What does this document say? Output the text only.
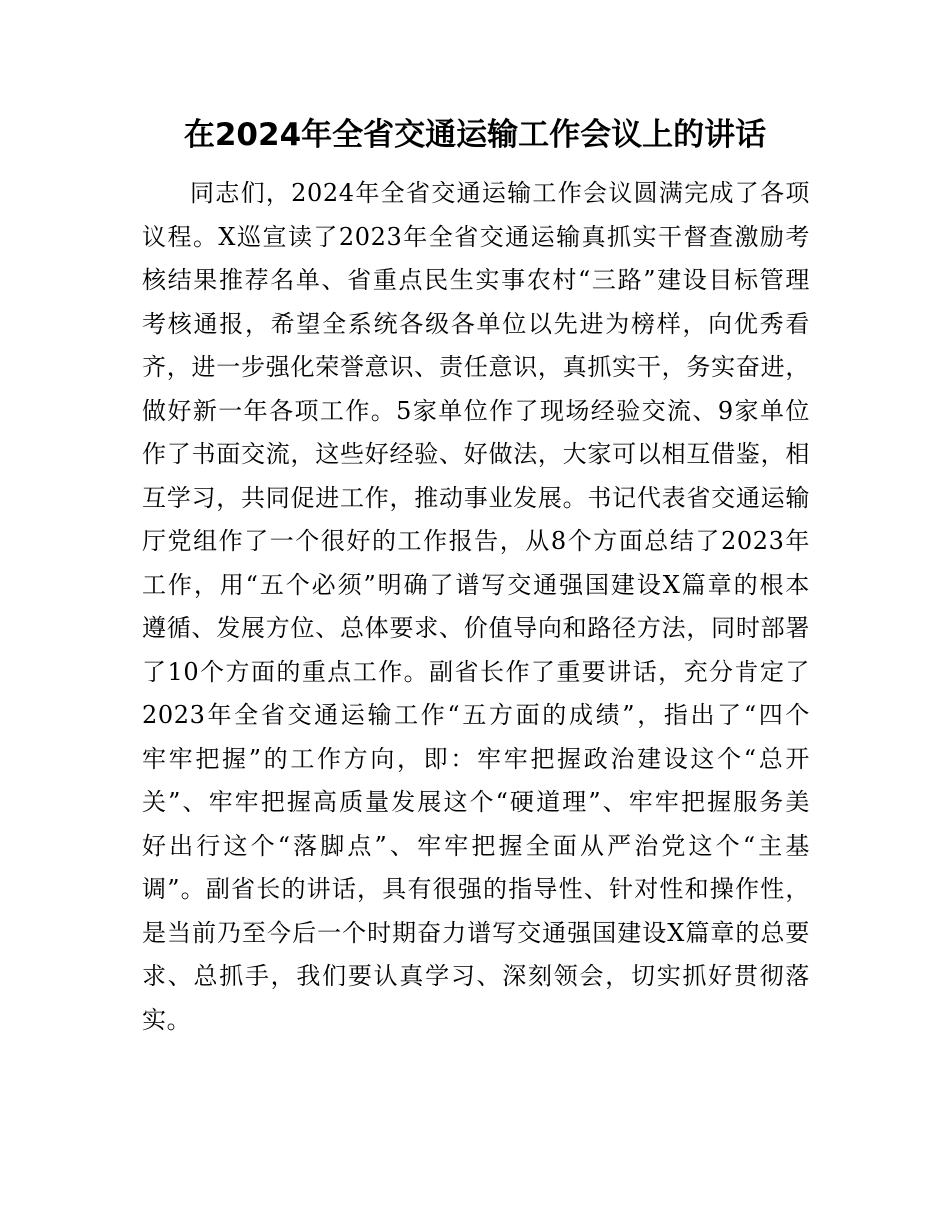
在2024年全省交通运输工作会议上的讲话
同志们，2024年全省交通运输工作会议圆满完成了各项
议程。X巡宣读了2023年全省交通运输真抓实干督查激励考
核结果推荐名单、省重点民生实事农村“三路”建设目标管理
考核通报，希望全系统各级各单位以先进为榜样，向优秀看
齐，进一步强化荣誉意识、责任意识，真抓实干，务实奋进，
做好新一年各项工作。5家单位作了现场经验交流、9家单位
作了书面交流，这些好经验、好做法，大家可以相互借鉴，相
互学习，共同促进工作，推动事业发展。书记代表省交通运输
厅党组作了一个很好的工作报告，从8个方面总结了2023年
工作，用“五个必须”明确了谱写交通强国建设X篇章的根本
遵循、发展方位、总体要求、价值导向和路径方法，同时部署
了10个方面的重点工作。副省长作了重要讲话，充分肯定了
2023年全省交通运输工作“五方面的成绩”，指出了“四个
牢牢把握”的工作方向，即：牢牢把握政治建设这个“总开
关”、牢牢把握高质量发展这个“硬道理”、牢牢把握服务美
好出行这个“落脚点”、牢牢把握全面从严治党这个“主基
调”。副省长的讲话，具有很强的指导性、针对性和操作性，
是当前乃至今后一个时期奋力谱写交通强国建设X篇章的总要
求、总抓手，我们要认真学习、深刻领会，切实抓好贯彻落
实。
